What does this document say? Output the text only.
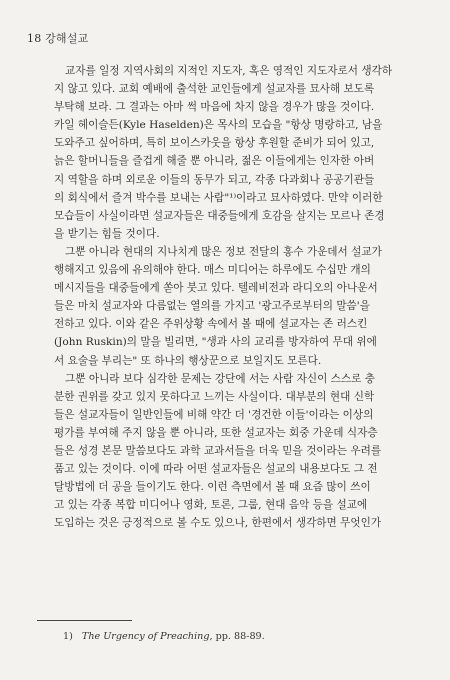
18 강해설교

교자를 일정 지역사회의 지적인 지도자, 혹은 영적인 지도자로서 생각하

지 않고 있다. 교회 예배에 출석한 교인들에게 설교자를 묘사해 보도록

부탁해 보라. 그 결과는 아마 썩 마음에 차지 않을 경우가 많을 것이다.

카일 헤이슬든(Kyle Haselden)은 목사의 모습을 "항상 명랑하고, 남을

도와주고 싶어하며, 특히 보이스카웃을 항상 후원할 준비가 되어 있고,

늙은 할머니들을 즐겁게 해줄 뿐 아니라, 젊은 이들에게는 인자한 아버

지 역할을 하며 외로운 이들의 동무가 되고, 각종 다과회나 공공기관들

의 회식에서 즐겨 박수를 보내는 사람"¹⁾이라고 묘사하였다. 만약 이러한

모습들이 사실이라면 설교자들은 대중들에게 호감을 살지는 모르나 존경

을 받기는 힘들 것이다.

그뿐 아니라 현대의 지나치게 많은 정보 전달의 홍수 가운데서 설교가

행해지고 있음에 유의해야 한다. 매스 미디어는 하루에도 수십만 개의

메시지들을 대중들에게 쏟아 붓고 있다. 텔레비전과 라디오의 아나운서

들은 마치 설교자와 다름없는 열의를 가지고 '광고주로부터의 말씀'을

전하고 있다. 이와 같은 주위상황 속에서 볼 때에 설교자는 존 러스킨

(John Ruskin)의 말을 빌리면, "생과 사의 교리를 방자하여 무대 위에

서 요술을 부리는" 또 하나의 행상꾼으로 보일지도 모른다.

그뿐 아니라 보다 심각한 문제는 강단에 서는 사람 자신이 스스로 충

분한 권위를 갖고 있지 못하다고 느끼는 사실이다. 대부분의 현대 신학

들은 설교자들이 일반인들에 비해 약간 더 '경건한 이들'이라는 이상의

평가를 부여해 주지 않을 뿐 아니라, 또한 설교자는 회중 가운데 식자층

들은 성경 본문 말씀보다도 과학 교과서들을 더욱 믿을 것이라는 우려를

품고 있는 것이다. 이에 따라 어떤 설교자들은 설교의 내용보다도 그 전

달방법에 더 공을 들이기도 한다. 이런 측면에서 볼 때 요즘 많이 쓰이

고 있는 각종 복합 미디어나 영화, 토론, 그룹, 현대 음악 등을 설교에

도입하는 것은 긍정적으로 볼 수도 있으나, 한편에서 생각하면 무엇인가

1) The Urgency of Preaching, pp. 88-89.
